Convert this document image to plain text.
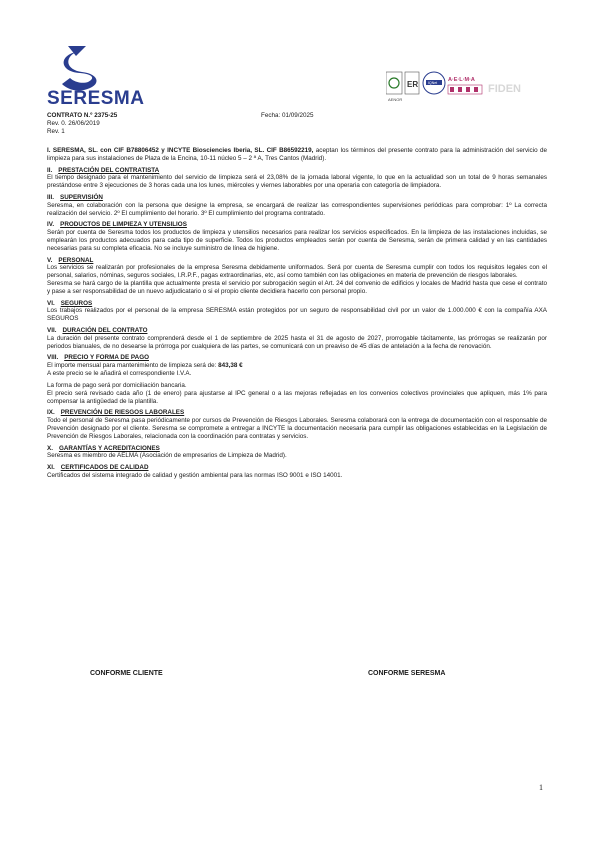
SERESMA	AENOR
ER	IQNet A·E·L·M·A
FIDEN
CONTRATO N.º 2375-25	Fecha: 01/09/2025
Rev. 0. 26/06/2019
Rev. 1

I. SERESMA, SL. con CIF B78806452 y INCYTE Biosciencies Iberia, SL. CIF B86592219, aceptan los términos del presente contrato para la administración del servicio de limpieza para sus instalaciones de Plaza de la Encina, 10-11 núcleo 5 – 2 ª A, Tres Cantos (Madrid).

II. PRESTACIÓN DEL CONTRATISTA

El tiempo designado para el mantenimiento del servicio de limpieza será el 23,08% de la jornada laboral vigente, lo que en la actualidad son un total de 9 horas semanales prestándose entre 3 ejecuciones de 3 horas cada una los lunes, miércoles y viernes laborables por una operaria con categoría de limpiadora.

III. SUPERVISIÓN

Seresma, en colaboración con la persona que designe la empresa, se encargará de realizar las correspondientes supervisiones periódicas para comprobar: 1º La correcta realización del servicio. 2º El cumplimiento del horario. 3º El cumplimiento del programa contratado.

IV. PRODUCTOS DE LIMPIEZA Y UTENSILIOS

Serán por cuenta de Seresma todos los productos de limpieza y utensilios necesarios para realizar los servicios especificados. En la limpieza de las instalaciones incluidas, se emplearán los productos adecuados para cada tipo de superficie. Todos los productos empleados serán por cuenta de Seresma, serán de primera calidad y en las cantidades necesarias para su completa eficacia. No se incluye suministro de línea de higiene.

V. PERSONAL

Los servicios se realizarán por profesionales de la empresa Seresma debidamente uniformados. Será por cuenta de Seresma cumplir con todos los requisitos legales con el personal, salarios, nóminas, seguros sociales, I.R.P.F., pagas extraordinarias, etc, así como también con las obligaciones en materia de prevención de riesgos laborales.

Seresma se hará cargo de la plantilla que actualmente presta el servicio por subrogación según el Art. 24 del convenio de edificios y locales de Madrid hasta que cese el contrato y pase a ser responsabilidad de un nuevo adjudicatario o si el propio cliente decidiera hacerlo con personal propio.

VI. SEGUROS

Los trabajos realizados por el personal de la empresa SERESMA están protegidos por un seguro de responsabilidad civil por un valor de 1.000.000 € con la compañía AXA SEGUROS

VII. DURACIÓN DEL CONTRATO

La duración del presente contrato comprenderá desde el 1 de septiembre de 2025 hasta el 31 de agosto de 2027, prorrogable tácitamente, las prórrogas se realizarán por periodos bianuales, de no desearse la prórroga por cualquiera de las partes, se comunicará con un preaviso de 45 días de antelación a la fecha de renovación.

VIII. PRECIO Y FORMA DE PAGO

El importe mensual para mantenimiento de limpieza será de: 843,38 €

A este precio se le añadirá el correspondiente I.V.A.

La forma de pago será por domiciliación bancaria.

El precio será revisado cada año (1 de enero) para ajustarse al IPC general o a las mejoras reflejadas en los convenios colectivos provinciales que apliquen, más 1% para compensar la antigüedad de la plantilla.

IX. PREVENCIÓN DE RIESGOS LABORALES

Todo el personal de Seresma pasa periódicamente por cursos de Prevención de Riesgos Laborales. Seresma colaborará con la entrega de documentación con el responsable de Prevención designado por el cliente. Seresma se compromete a entregar a INCYTE la documentación necesaria para cumplir las obligaciones establecidas en la Legislación de Prevención de Riesgos Laborales, relacionada con la coordinación para contratas y servicios.

X. GARANTÍAS Y ACREDITACIONES

Seresma es miembro de AELMA (Asociación de empresarios de Limpieza de Madrid).

XI. CERTIFICADOS DE CALIDAD

Certificados del sistema integrado de calidad y gestión ambiental para las normas ISO 9001 e ISO 14001.

CONFORME CLIENTE	CONFORME SERESMA
1
